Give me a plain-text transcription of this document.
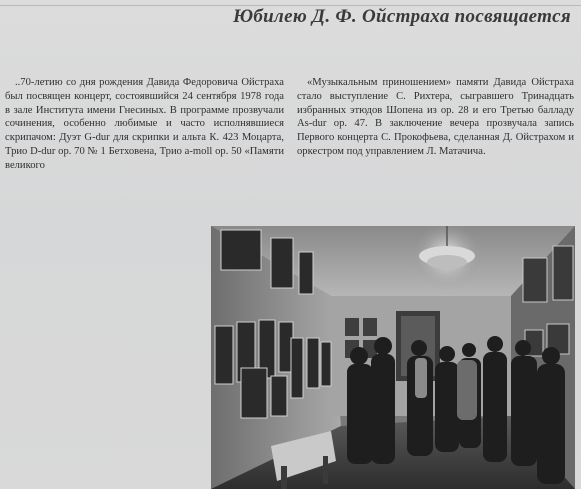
Юбилею Д. Ф. Ойстраха посвящается

..70-летию со дня рождения Давида Федоровича Ойстраха был посвящен концерт, состоявшийся 24 сентября 1978 года в зале Института имени Гнесиных. В программе прозвучали сочинения, особенно любимые и часто исполнявшиеся скрипачом: Дуэт G-dur для скрипки и альта К. 423 Моцарта, Трио D-dur op. 70 № 1 Бетховена, Трио a-moll op. 50 «Памяти великого

«Музыкальным приношением» памяти Давида Ойстраха стало выступление С. Рихтера, сыгравшего Тринадцать избранных этюдов Шопена из op. 28 и его Третью балладу As-dur op. 47. В заключение вечера прозвучала запись Первого концерта С. Прокофьева, сделанная Д. Ойстрахом и оркестром под управлением Л. Матачича.
